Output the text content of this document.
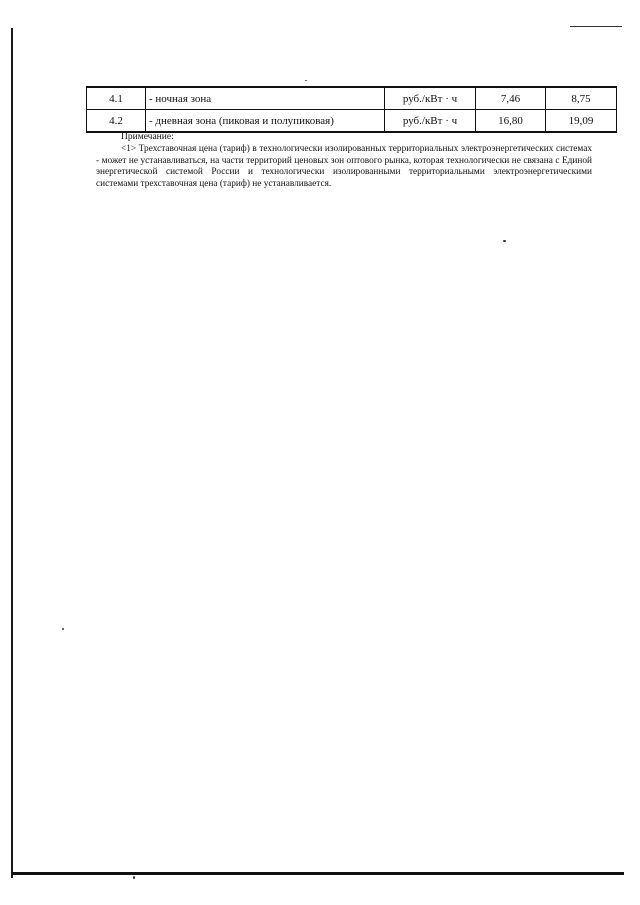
4.1	- ночная зона	руб./кВт · ч	7,46	8,75
4.2	- дневная зона (пиковая и полупиковая)	руб./кВт · ч	16,80	19,09
Примечание:

<1> Трехставочная цена (тариф) в технологически изолированных территориальных электроэнергетических системах - может не устанавливаться, на части территорий ценовых зон оптового рынка, которая технологически не связана с Единой энергетической системой России и технологически изолированными территориальными электроэнергетическими системами трехставочная цена (тариф) не устанавливается.
